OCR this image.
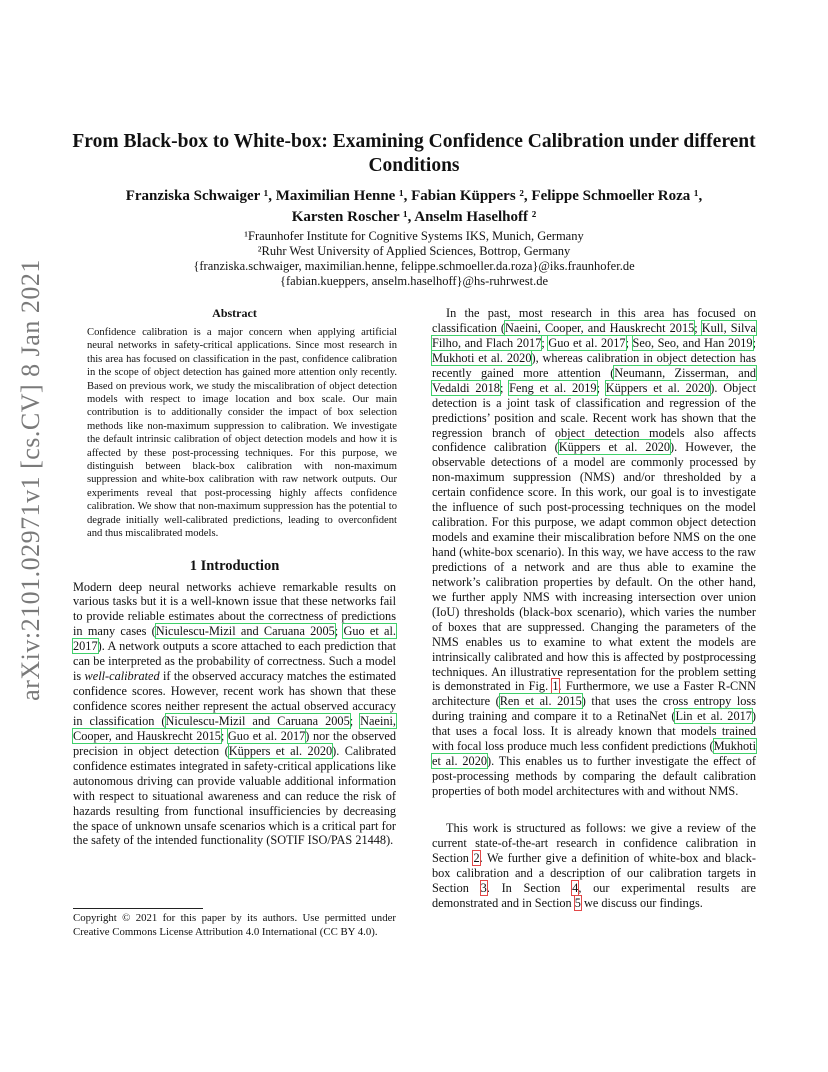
arXiv:2101.02971v1 [cs.CV] 8 Jan 2021
From Black-box to White-box: Examining Confidence Calibration under different Conditions
Franziska Schwaiger ¹, Maximilian Henne ¹, Fabian Küppers ², Felippe Schmoeller Roza ¹,
Karsten Roscher ¹, Anselm Haselhoff ²
¹Fraunhofer Institute for Cognitive Systems IKS, Munich, Germany
²Ruhr West University of Applied Sciences, Bottrop, Germany
{franziska.schwaiger, maximilian.henne, felippe.schmoeller.da.roza}@iks.fraunhofer.de
{fabian.kueppers, anselm.haselhoff}@hs-ruhrwest.de
Abstract

Confidence calibration is a major concern when applying artificial neural networks in safety-critical applications. Since most research in this area has focused on classification in the past, confidence calibration in the scope of object detection has gained more attention only recently. Based on previous work, we study the miscalibration of object detection models with respect to image location and box scale. Our main contribution is to additionally consider the impact of box selection methods like non-maximum suppression to calibration. We investigate the default intrinsic calibration of object detection models and how it is affected by these post-processing techniques. For this purpose, we distinguish between black-box calibration with non-maximum suppression and white-box calibration with raw network outputs. Our experiments reveal that post-processing highly affects confidence calibration. We show that non-maximum suppression has the potential to degrade initially well-calibrated predictions, leading to overconfident and thus miscalibrated models.

1 Introduction

Modern deep neural networks achieve remarkable results on various tasks but it is a well-known issue that these networks fail to provide reliable estimates about the correctness of predictions in many cases (Niculescu-Mizil and Caruana 2005; Guo et al. 2017). A network outputs a score attached to each prediction that can be interpreted as the probability of correctness. Such a model is well-calibrated if the observed accuracy matches the estimated confidence scores. However, recent work has shown that these confidence scores neither represent the actual observed accuracy in classification (Niculescu-Mizil and Caruana 2005; Naeini, Cooper, and Hauskrecht 2015; Guo et al. 2017) nor the observed precision in object detection (Küppers et al. 2020). Calibrated confidence estimates integrated in safety-critical applications like autonomous driving can provide valuable additional information with respect to situational awareness and can reduce the risk of hazards resulting from functional insufficiencies by decreasing the space of unknown unsafe scenarios which is a critical part for the safety of the intended functionality (SOTIF ISO/PAS 21448).

Copyright © 2021 for this paper by its authors. Use permitted under Creative Commons License Attribution 4.0 International (CC BY 4.0).

In the past, most research in this area has focused on classification (Naeini, Cooper, and Hauskrecht 2015; Kull, Silva Filho, and Flach 2017; Guo et al. 2017; Seo, Seo, and Han 2019; Mukhoti et al. 2020), whereas calibration in object detection has recently gained more attention (Neumann, Zisserman, and Vedaldi 2018; Feng et al. 2019; Küppers et al. 2020). Object detection is a joint task of classification and regression of the predictions’ position and scale. Recent work has shown that the regression branch of object detection models also affects confidence calibration (Küppers et al. 2020). However, the observable detections of a model are commonly processed by non-maximum suppression (NMS) and/or thresholded by a certain confidence score. In this work, our goal is to investigate the influence of such post-processing techniques on the model calibration. For this purpose, we adapt common object detection models and examine their miscalibration before NMS on the one hand (white-box scenario). In this way, we have access to the raw predictions of a network and are thus able to examine the network’s calibration properties by default. On the other hand, we further apply NMS with increasing intersection over union (IoU) thresholds (black-box scenario), which varies the number of boxes that are suppressed. Changing the parameters of the NMS enables us to examine to what extent the models are intrinsically calibrated and how this is affected by postprocessing techniques. An illustrative representation for the problem setting is demonstrated in Fig. 1. Furthermore, we use a Faster R-CNN architecture (Ren et al. 2015) that uses the cross entropy loss during training and compare it to a RetinaNet (Lin et al. 2017) that uses a focal loss. It is already known that models trained with focal loss produce much less confident predictions (Mukhoti et al. 2020). This enables us to further investigate the effect of post-processing methods by comparing the default calibration properties of both model architectures with and without NMS.

This work is structured as follows: we give a review of the current state-of-the-art research in confidence calibration in Section 2. We further give a definition of white-box and black-box calibration and a description of our calibration targets in Section 3. In Section 4, our experimental results are demonstrated and in Section 5 we discuss our findings.
